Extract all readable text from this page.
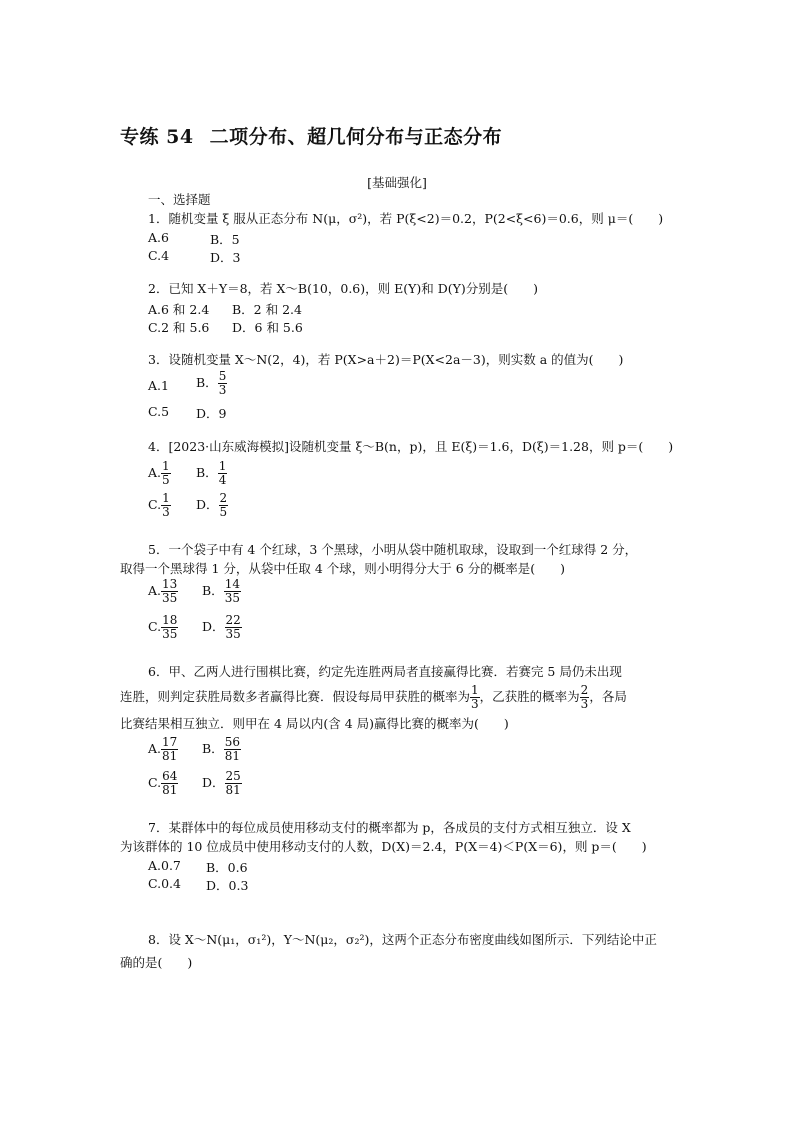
专练 54 二项分布、超几何分布与正态分布
[基础强化]
一、选择题
1．随机变量 ξ 服从正态分布 N(μ，σ²)，若 P(ξ<2)＝0.2，P(2<ξ<6)＝0.6，则 μ＝(　　)
A.6	B．5
C.4	D．3
2．已知 X＋Y＝8，若 X～B(10，0.6)，则 E(Y)和 D(Y)分别是(　　)
A.6 和 2.4 B．2 和 2.4
C.2 和 5.6 D．6 和 5.6
3．设随机变量 X～N(2，4)，若 P(X>a＋2)＝P(X<2a－3)，则实数 a 的值为(　　)
A.1 B． $\frac{5}{3}$
C.5 D．9
4．[2023·山东威海模拟]设随机变量 ξ～B(n，p)，且 E(ξ)＝1.6，D(ξ)＝1.28，则 p＝(　　)
A. $\frac{1}{5}$ B． $\frac{1}{4}$
C. $\frac{1}{3}$ D． $\frac{2}{5}$
5．一个袋子中有 4 个红球，3 个黑球，小明从袋中随机取球，设取到一个红球得 2 分，
取得一个黑球得 1 分，从袋中任取 4 个球，则小明得分大于 6 分的概率是(　　)
A. $\frac{13}{35}$ B． $\frac{14}{35}$
C. $\frac{18}{35}$ D． $\frac{22}{35}$
6．甲、乙两人进行围棋比赛，约定先连胜两局者直接赢得比赛．若赛完 5 局仍未出现
连胜，则判定获胜局数多者赢得比赛．假设每局甲获胜的概率为 $\frac{1}{3}$ ，乙获胜的概率为 $\frac{2}{3}$ ，各局
比赛结果相互独立．则甲在 4 局以内(含 4 局)赢得比赛的概率为(　　)
A. $\frac{17}{81}$ B． $\frac{56}{81}$
C. $\frac{64}{81}$ D． $\frac{25}{81}$
7．某群体中的每位成员使用移动支付的概率都为 p，各成员的支付方式相互独立．设 X
为该群体的 10 位成员中使用移动支付的人数，D(X)＝2.4，P(X＝4)＜P(X＝6)，则 p＝(　　)
A.0.7 B．0.6
C.0.4 D．0.3
8．设 X～N(μ₁，σ₁²)，Y～N(μ₂，σ₂²)，这两个正态分布密度曲线如图所示．下列结论中正
确的是(　　)
